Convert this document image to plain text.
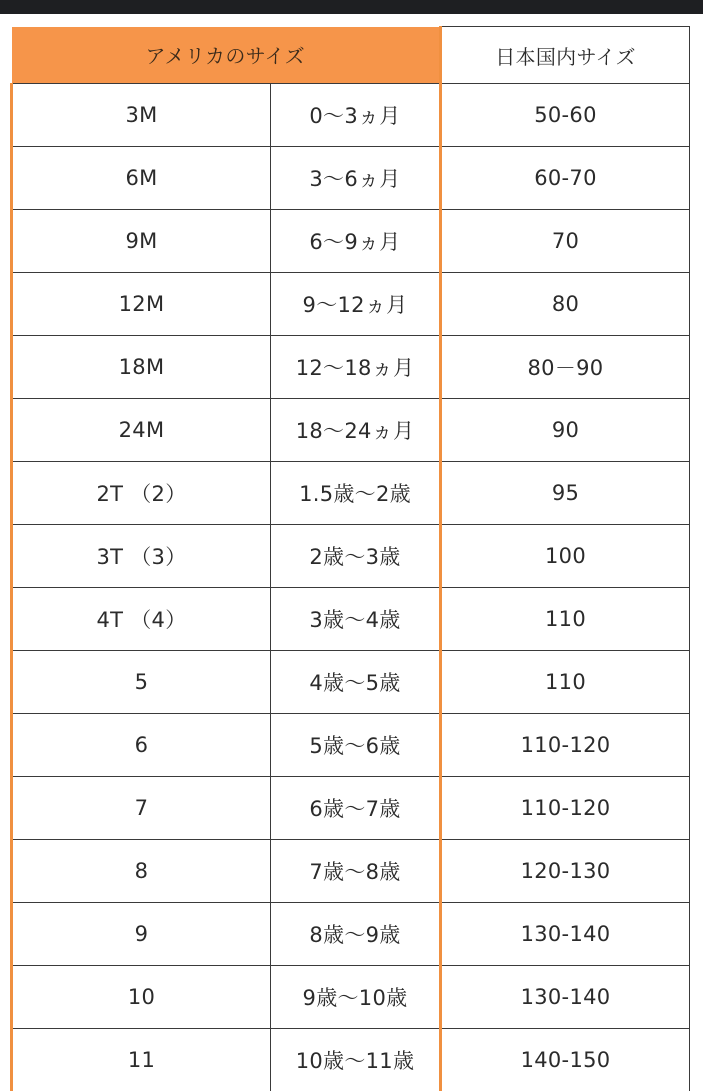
アメリカのサイズ		日本国内サイズ
3M	0～3ヵ月	50-60
6M	3～6ヵ月	60-70
9M	6～9ヵ月	70
12M	9～12ヵ月	80
18M	12～18ヵ月	80－90
24M	18～24ヵ月	90
2T （2）	1.5歳～2歳	95
3T （3）	2歳～3歳	100
4T （4）	3歳～4歳	110
5	4歳～5歳	110
6	5歳～6歳	110-120
7	6歳～7歳	110-120
8	7歳～8歳	120-130
9	8歳～9歳	130-140
10	9歳～10歳	130-140
11	10歳～11歳	140-150
